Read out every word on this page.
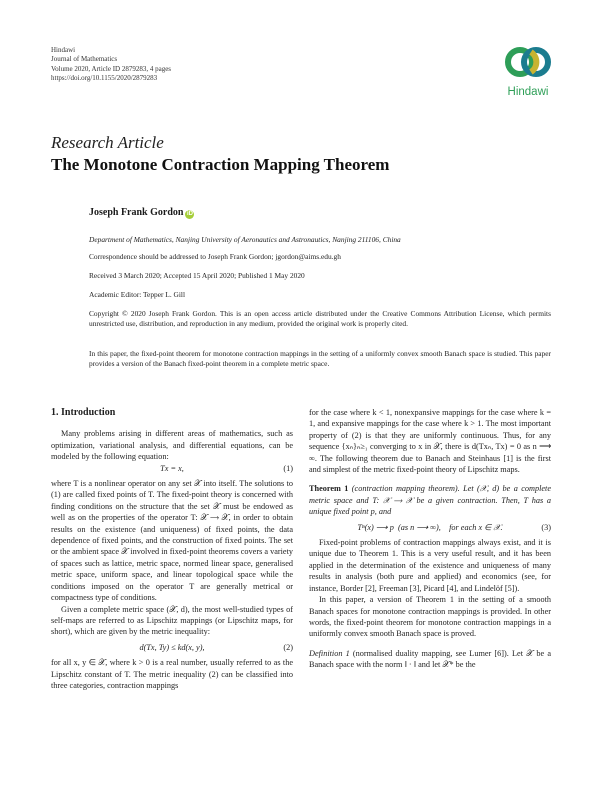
Hindawi
Journal of Mathematics
Volume 2020, Article ID 2879283, 4 pages
https://doi.org/10.1155/2020/2879283
Hindawi
Research Article
The Monotone Contraction Mapping Theorem
Joseph Frank Gordon iD
Department of Mathematics, Nanjing University of Aeronautics and Astronautics, Nanjing 211106, China
Correspondence should be addressed to Joseph Frank Gordon; jgordon@aims.edu.gh
Received 3 March 2020; Accepted 15 April 2020; Published 1 May 2020
Academic Editor: Tepper L. Gill
Copyright © 2020 Joseph Frank Gordon. This is an open access article distributed under the Creative Commons Attribution License, which permits unrestricted use, distribution, and reproduction in any medium, provided the original work is properly cited.
In this paper, the fixed-point theorem for monotone contraction mappings in the setting of a uniformly convex smooth Banach space is studied. This paper provides a version of the Banach fixed-point theorem in a complete metric space.
1. Introduction

Many problems arising in different areas of mathematics, such as optimization, variational analysis, and differential equations, can be modeled by the following equation:

Tx = x,	(1)

where T is a nonlinear operator on any set 𝒳 into itself. The solutions to (1) are called fixed points of T. The fixed-point theory is concerned with finding conditions on the structure that the set 𝒳 must be endowed as well as on the properties of the operator T: 𝒳 ⟶ 𝒳, in order to obtain results on the existence (and uniqueness) of fixed points, the data dependence of fixed points, and the construction of fixed points. The set or the ambient space 𝒳 involved in fixed-point theorems covers a variety of spaces such as lattice, metric space, normed linear space, generalised metric space, uniform space, and linear topological space while the conditions imposed on the operator T are generally metrical or compactness type of conditions.

Given a complete metric space (𝒳, d), the most well-studied types of self-maps are referred to as Lipschitz mappings (or Lipschitz maps, for short), which are given by the metric inequality:

d(Tx, Ty) ≤ kd(x, y),	(2)

for all x, y ∈ 𝒳, where k > 0 is a real number, usually referred to as the Lipschitz constant of T. The metric inequality (2) can be classified into three categories, contraction mappings

for the case where k < 1, nonexpansive mappings for the case where k = 1, and expansive mappings for the case where k > 1. The most important property of (2) is that they are uniformly continuous. Thus, for any sequence {xₙ}ₙ≥₁ converging to x in 𝒳, there is d(Txₙ, Tx) = 0 as n ⟶ ∞. The following theorem due to Banach and Steinhaus [1] is the first and simplest of the metric fixed-point theory of Lipschitz maps.

Theorem 1 (contraction mapping theorem). Let (𝒳, d) be a complete metric space and T: 𝒳 ⟶ 𝒳 be a given contraction. Then, T has a unique fixed point p, and

Tⁿ(x) ⟶ p  (as n ⟶ ∞),    for each x ∈ 𝒳.	(3)

Fixed-point problems of contraction mappings always exist, and it is unique due to Theorem 1. This is a very useful result, and it has been applied in the determination of the existence and uniqueness of many results in analysis (both pure and applied) and economics (see, for instance, Border [2], Freeman [3], Picard [4], and Lindelöf [5]).

In this paper, a version of Theorem 1 in the setting of a smooth Banach spaces for monotone contraction mappings is provided. In other words, the fixed-point theorem for monotone contraction mappings in a uniformly convex smooth Banach space is proved.

Definition 1 (normalised duality mapping, see Lumer [6]). Let 𝒳 be a Banach space with the norm ‖ · ‖ and let 𝒳* be the
